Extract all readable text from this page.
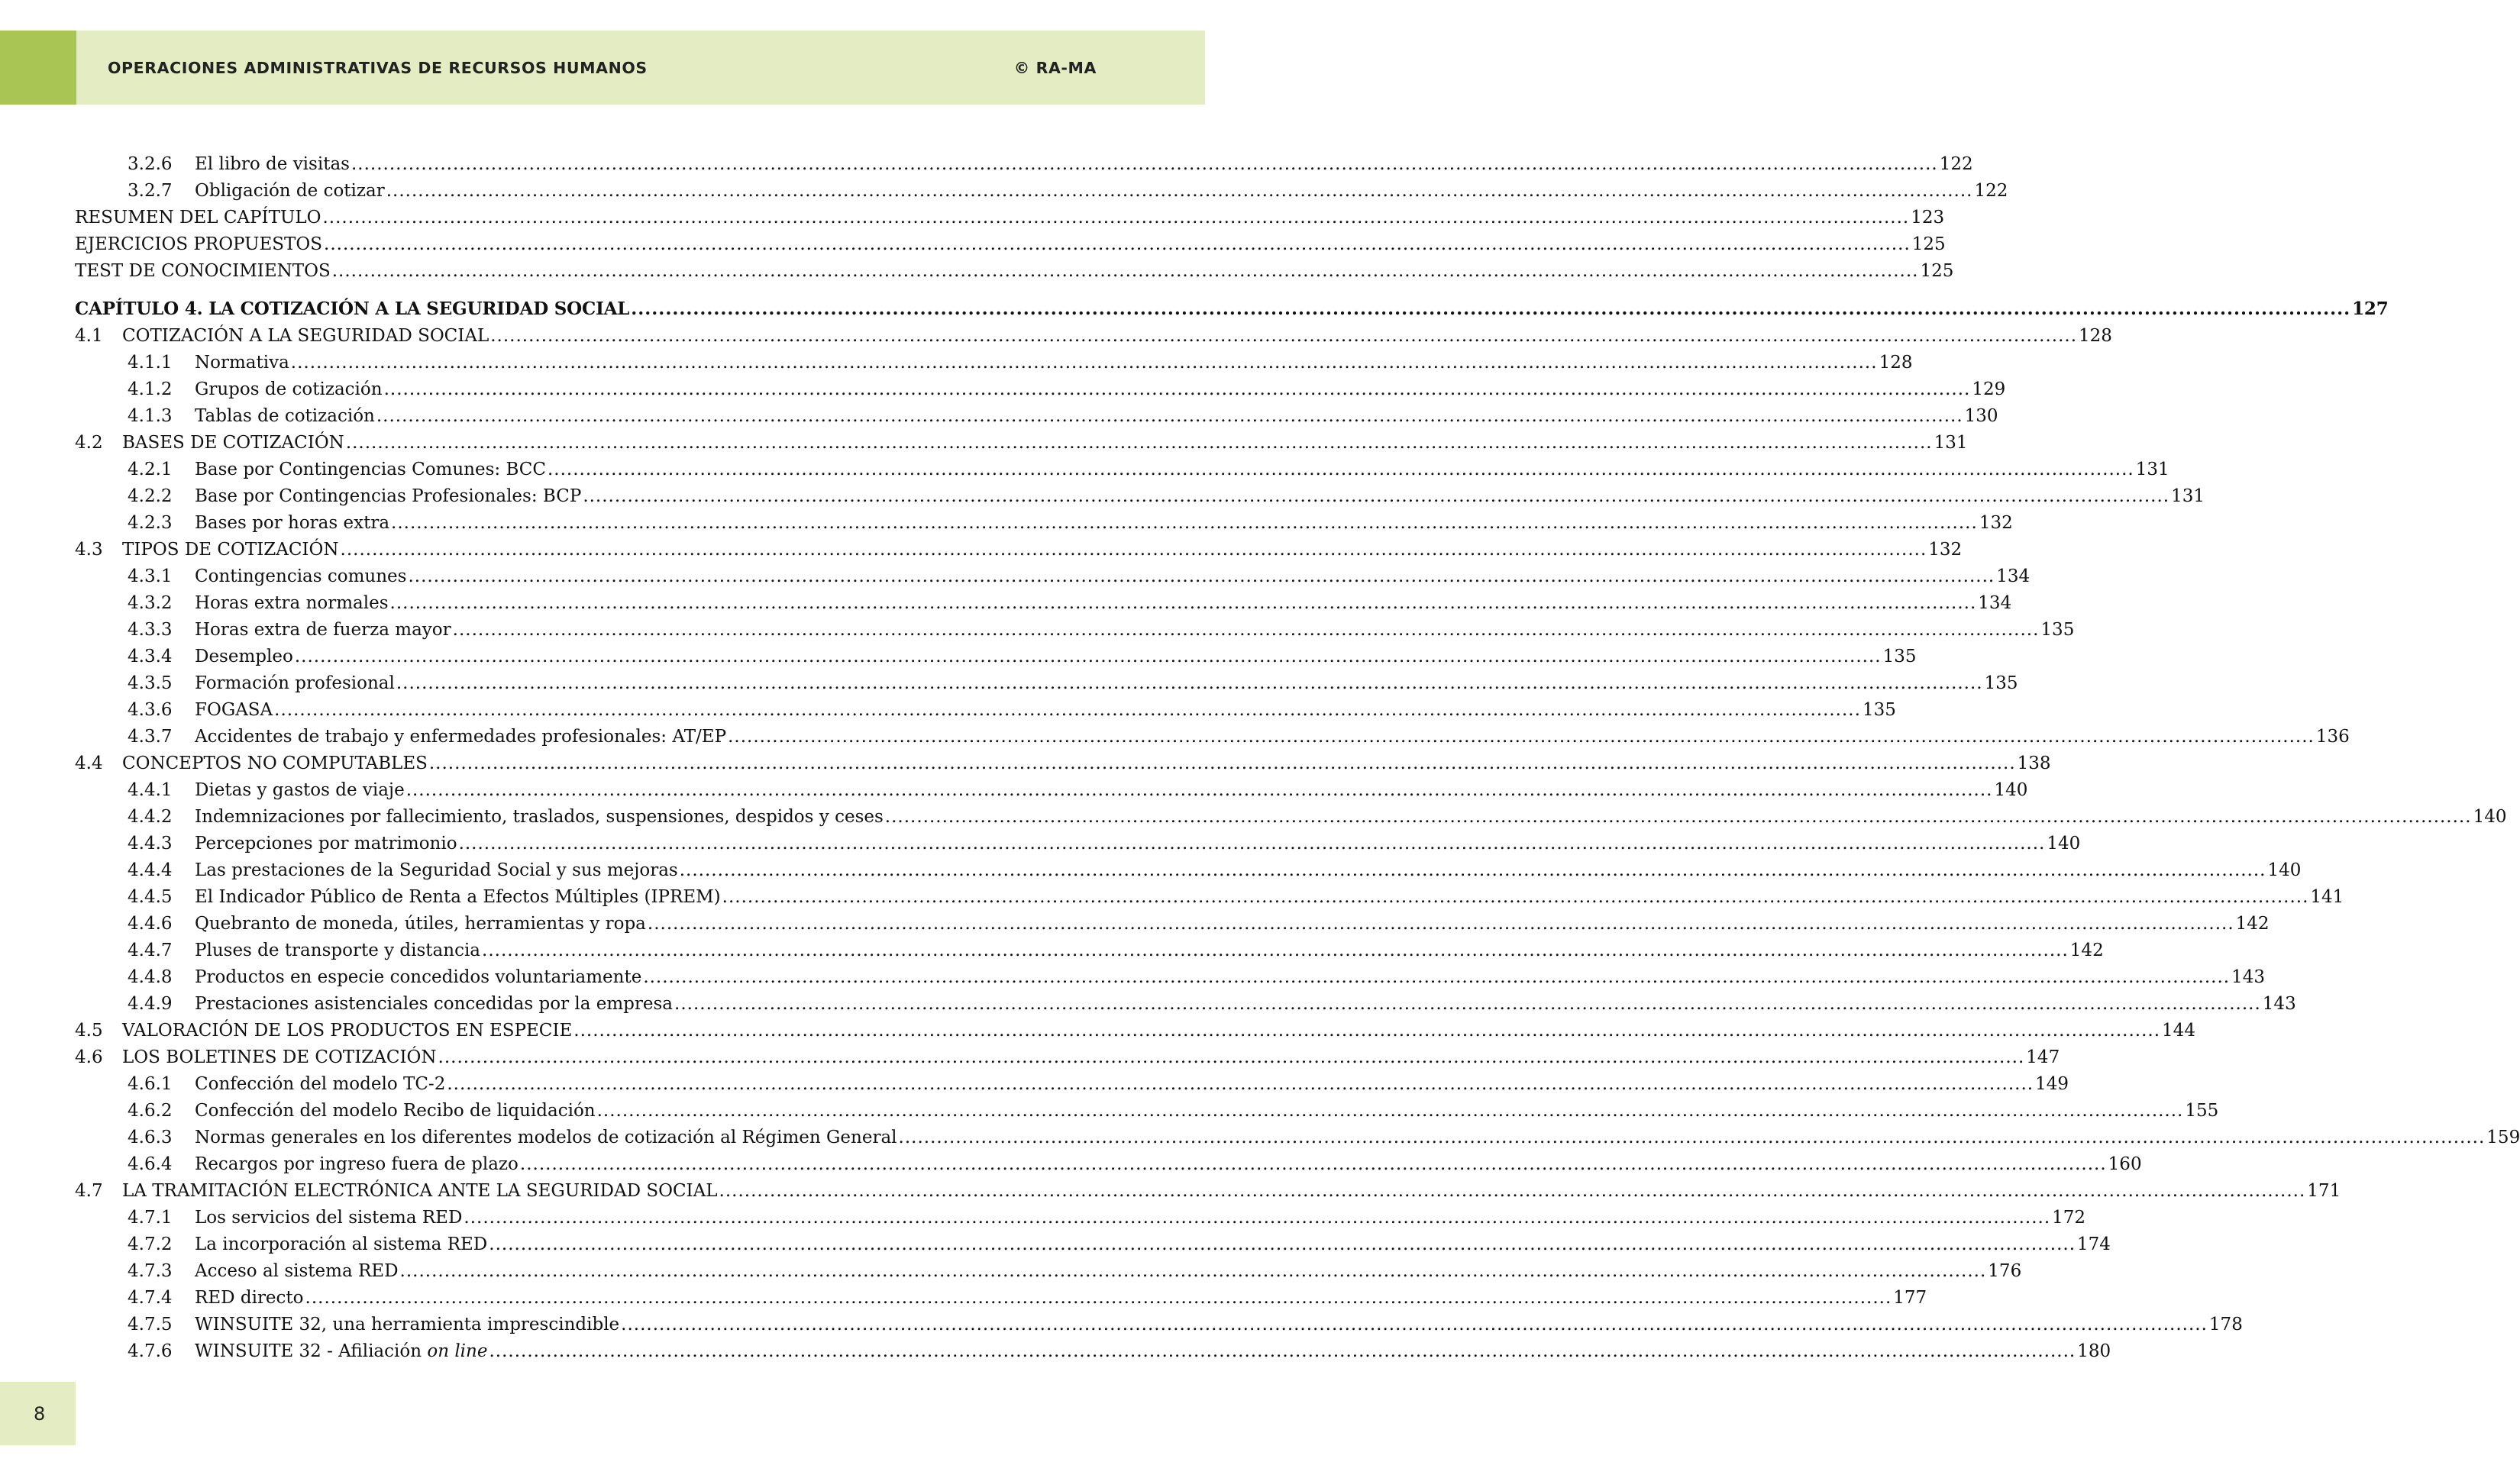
OPERACIONES ADMINISTRATIVAS DE RECURSOS HUMANOS	© RA-MA
3.2.6	El libro de visitas .....	122
3.2.7	Obligación de cotizar .....	122
RESUMEN DEL CAPÍTULO .....	123
EJERCICIOS PROPUESTOS .....	125
TEST DE CONOCIMIENTOS .....	125
CAPÍTULO 4. LA COTIZACIÓN A LA SEGURIDAD SOCIAL .....	127
4.1	COTIZACIÓN A LA SEGURIDAD SOCIAL .....	128
4.1.1	Normativa .....	128
4.1.2	Grupos de cotización .....	129
4.1.3	Tablas de cotización .....	130
4.2	BASES DE COTIZACIÓN .....	131
4.2.1	Base por Contingencias Comunes: BCC .....	131
4.2.2	Base por Contingencias Profesionales: BCP .....	131
4.2.3	Bases por horas extra .....	132
4.3	TIPOS DE COTIZACIÓN .....	132
4.3.1	Contingencias comunes .....	134
4.3.2	Horas extra normales .....	134
4.3.3	Horas extra de fuerza mayor .....	135
4.3.4	Desempleo .....	135
4.3.5	Formación profesional .....	135
4.3.6	FOGASA .....	135
4.3.7	Accidentes de trabajo y enfermedades profesionales: AT/EP .....	136
4.4	CONCEPTOS NO COMPUTABLES .....	138
4.4.1	Dietas y gastos de viaje .....	140
4.4.2	Indemnizaciones por fallecimiento, traslados, suspensiones, despidos y ceses .....	140
4.4.3	Percepciones por matrimonio .....	140
4.4.4	Las prestaciones de la Seguridad Social y sus mejoras .....	140
4.4.5	El Indicador Público de Renta a Efectos Múltiples (IPREM) .....	141
4.4.6	Quebranto de moneda, útiles, herramientas y ropa .....	142
4.4.7	Pluses de transporte y distancia .....	142
4.4.8	Productos en especie concedidos voluntariamente .....	143
4.4.9	Prestaciones asistenciales concedidas por la empresa .....	143
4.5	VALORACIÓN DE LOS PRODUCTOS EN ESPECIE .....	144
4.6	LOS BOLETINES DE COTIZACIÓN .....	147
4.6.1	Confección del modelo TC-2 .....	149
4.6.2	Confección del modelo Recibo de liquidación .....	155
4.6.3	Normas generales en los diferentes modelos de cotización al Régimen General .....	159
4.6.4	Recargos por ingreso fuera de plazo .....	160
4.7	LA TRAMITACIÓN ELECTRÓNICA ANTE LA SEGURIDAD SOCIAL .....	171
4.7.1	Los servicios del sistema RED .....	172
4.7.2	La incorporación al sistema RED .....	174
4.7.3	Acceso al sistema RED .....	176
4.7.4	RED directo .....	177
4.7.5	WINSUITE 32, una herramienta imprescindible .....	178
4.7.6	WINSUITE 32 - Afiliación on line .....	180
8
